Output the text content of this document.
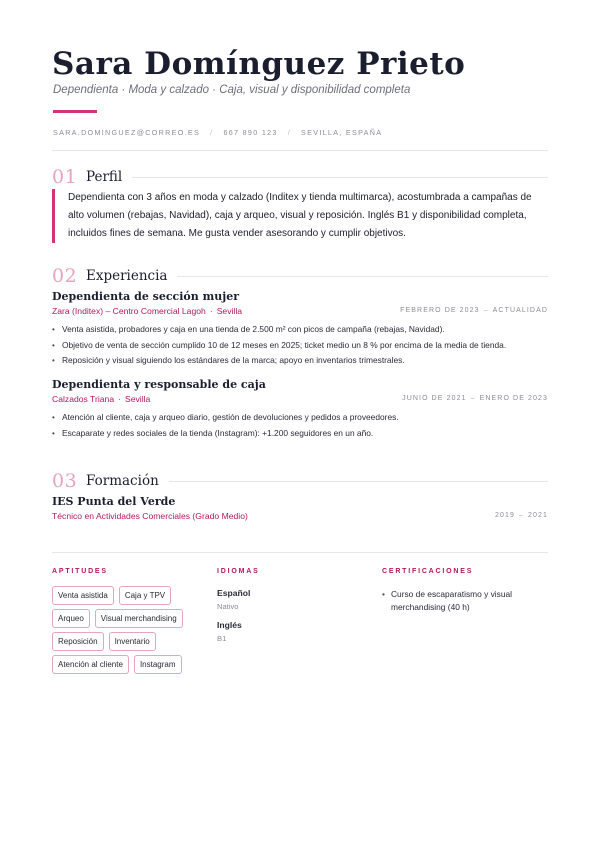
Sara Domínguez Prieto
Dependienta · Moda y calzado · Caja, visual y disponibilidad completa
SARA.DOMINGUEZ@CORREO.ES / 667 890 123 / SEVILLA, ESPAÑA
01 Perfil
Dependienta con 3 años en moda y calzado (Inditex y tienda multimarca), acostumbrada a campañas de alto volumen (rebajas, Navidad), caja y arqueo, visual y reposición. Inglés B1 y disponibilidad completa, incluidos fines de semana. Me gusta vender asesorando y cumplir objetivos.
02 Experiencia
Dependienta de sección mujer
Zara (Inditex) – Centro Comercial Lagoh · Sevilla	FEBRERO DE 2023 – ACTUALIDAD
• Venta asistida, probadores y caja en una tienda de 2.500 m² con picos de campaña (rebajas, Navidad).
• Objetivo de venta de sección cumplido 10 de 12 meses en 2025; ticket medio un 8 % por encima de la media de tienda.
• Reposición y visual siguiendo los estándares de la marca; apoyo en inventarios trimestrales.
Dependienta y responsable de caja
Calzados Triana · Sevilla	JUNIO DE 2021 – ENERO DE 2023
• Atención al cliente, caja y arqueo diario, gestión de devoluciones y pedidos a proveedores.
• Escaparate y redes sociales de la tienda (Instagram): +1.200 seguidores en un año.
03 Formación
IES Punta del Verde
Técnico en Actividades Comerciales (Grado Medio)	2019 – 2021
APTITUDES
Venta asistida	Caja y TPV
Arqueo	Visual merchandising
Reposición	Inventario
Atención al cliente	Instagram
IDIOMAS
Español
Nativo
Inglés
B1
CERTIFICACIONES
• Curso de escaparatismo y visual merchandising (40 h)
